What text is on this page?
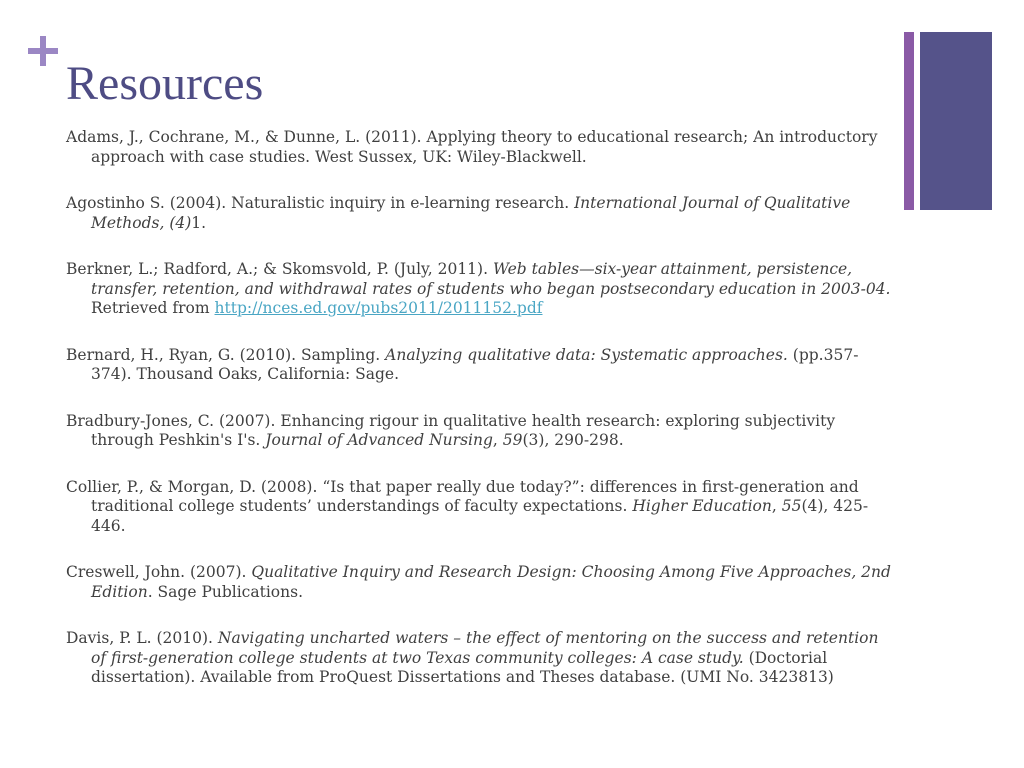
Resources
Adams, J., Cochrane, M., & Dunne, L. (2011). Applying theory to educational research; An introductory approach with case studies. West Sussex, UK: Wiley-Blackwell.
Agostinho S. (2004). Naturalistic inquiry in e-learning research. International Journal of Qualitative Methods, (4)1.
Berkner, L.; Radford, A.; & Skomsvold, P. (July, 2011). Web tables—six-year attainment, persistence, transfer, retention, and withdrawal rates of students who began postsecondary education in 2003-04. Retrieved from http://nces.ed.gov/pubs2011/2011152.pdf
Bernard, H., Ryan, G. (2010). Sampling. Analyzing qualitative data: Systematic approaches. (pp.357-374). Thousand Oaks, California: Sage.
Bradbury-Jones, C. (2007). Enhancing rigour in qualitative health research: exploring subjectivity through Peshkin's I's. Journal of Advanced Nursing, 59(3), 290-298.
Collier, P., & Morgan, D. (2008). “Is that paper really due today?”: differences in first-generation and traditional college students’ understandings of faculty expectations. Higher Education, 55(4), 425-446.
Creswell, John. (2007). Qualitative Inquiry and Research Design: Choosing Among Five Approaches, 2nd Edition. Sage Publications.
Davis, P. L. (2010). Navigating uncharted waters – the effect of mentoring on the success and retention of first-generation college students at two Texas community colleges: A case study. (Doctorial dissertation). Available from ProQuest Dissertations and Theses database. (UMI No. 3423813)
